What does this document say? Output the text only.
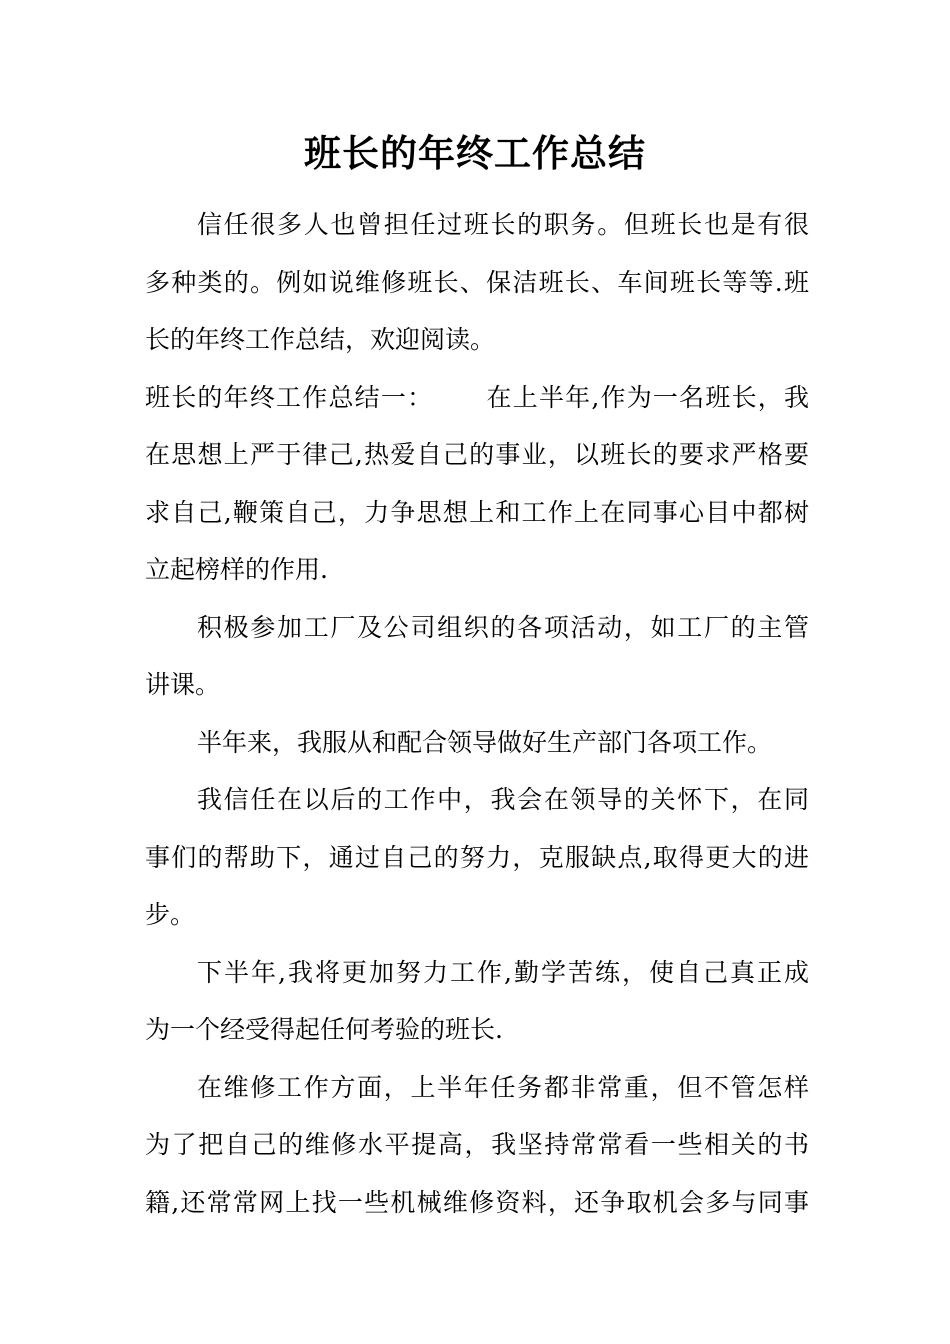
班长的年终工作总结
信任很多人也曾担任过班长的职务。但班长也是有很
多种类的。例如说维修班长、保洁班长、车间班长等等.班
长的年终工作总结，欢迎阅读。
班长的年终工作总结一： 在上半年,作为一名班长，我
在思想上严于律己,热爱自己的事业，以班长的要求严格要
求自己,鞭策自己，力争思想上和工作上在同事心目中都树
立起榜样的作用.
积极参加工厂及公司组织的各项活动，如工厂的主管
讲课。
半年来，我服从和配合领导做好生产部门各项工作。
我信任在以后的工作中，我会在领导的关怀下，在同
事们的帮助下，通过自己的努力，克服缺点,取得更大的进
步。
下半年,我将更加努力工作,勤学苦练，使自己真正成
为一个经受得起任何考验的班长.
在维修工作方面，上半年任务都非常重，但不管怎样
为了把自己的维修水平提高，我坚持常常看一些相关的书
籍,还常常网上找一些机械维修资料，还争取机会多与同事
